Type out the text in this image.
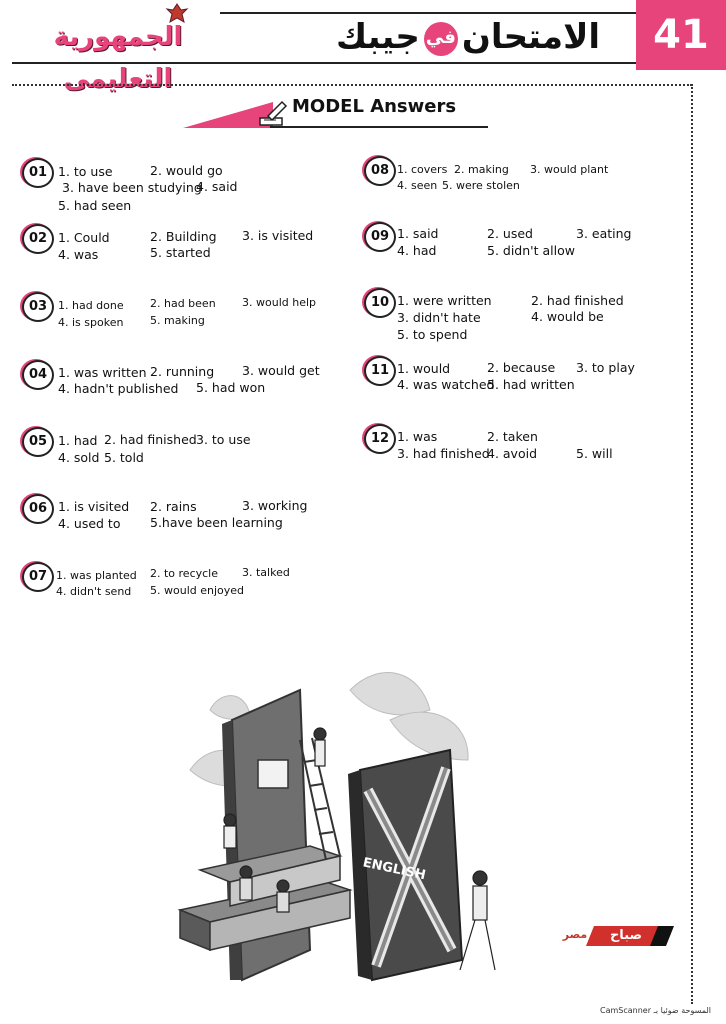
41
الامتحانفيجيبك
الجمهورية التعليمى
MODEL Answers
01 1. to use	2. would go
3. have been studying
4. said
5. had seen
02 1. Could	2. Building 3. is visited
4. was	5. started
03 1. had done 2. had been 3. would help
4. is spoken 5. making
04 1. was written 2. running 3. would get
4. hadn't published 5. had won
05 1. had 2. had finished 3. to use
4. sold 5. told
06 1. is visited 2. rains	3. working
4. used to 5.have been learning
07 1. was planted 2. to recycle 3. talked
4. didn't send 5. would enjoyed
08 1. covers 2. making 3. would plant
4. seen 5. were stolen
09 1. said	2. used	3. eating
4. had	5. didn't allow
10 1. were written	2. had finished
3. didn't hate	4. would be
5. to spend
11 1. would	2. because 3. to play
4. was watched
5. had written
12 1. was	2. taken
3. had finished
4. avoid	5. will
ENGLISH
صباح
مصر
CamScanner المسوحة ضوئيا بـ
